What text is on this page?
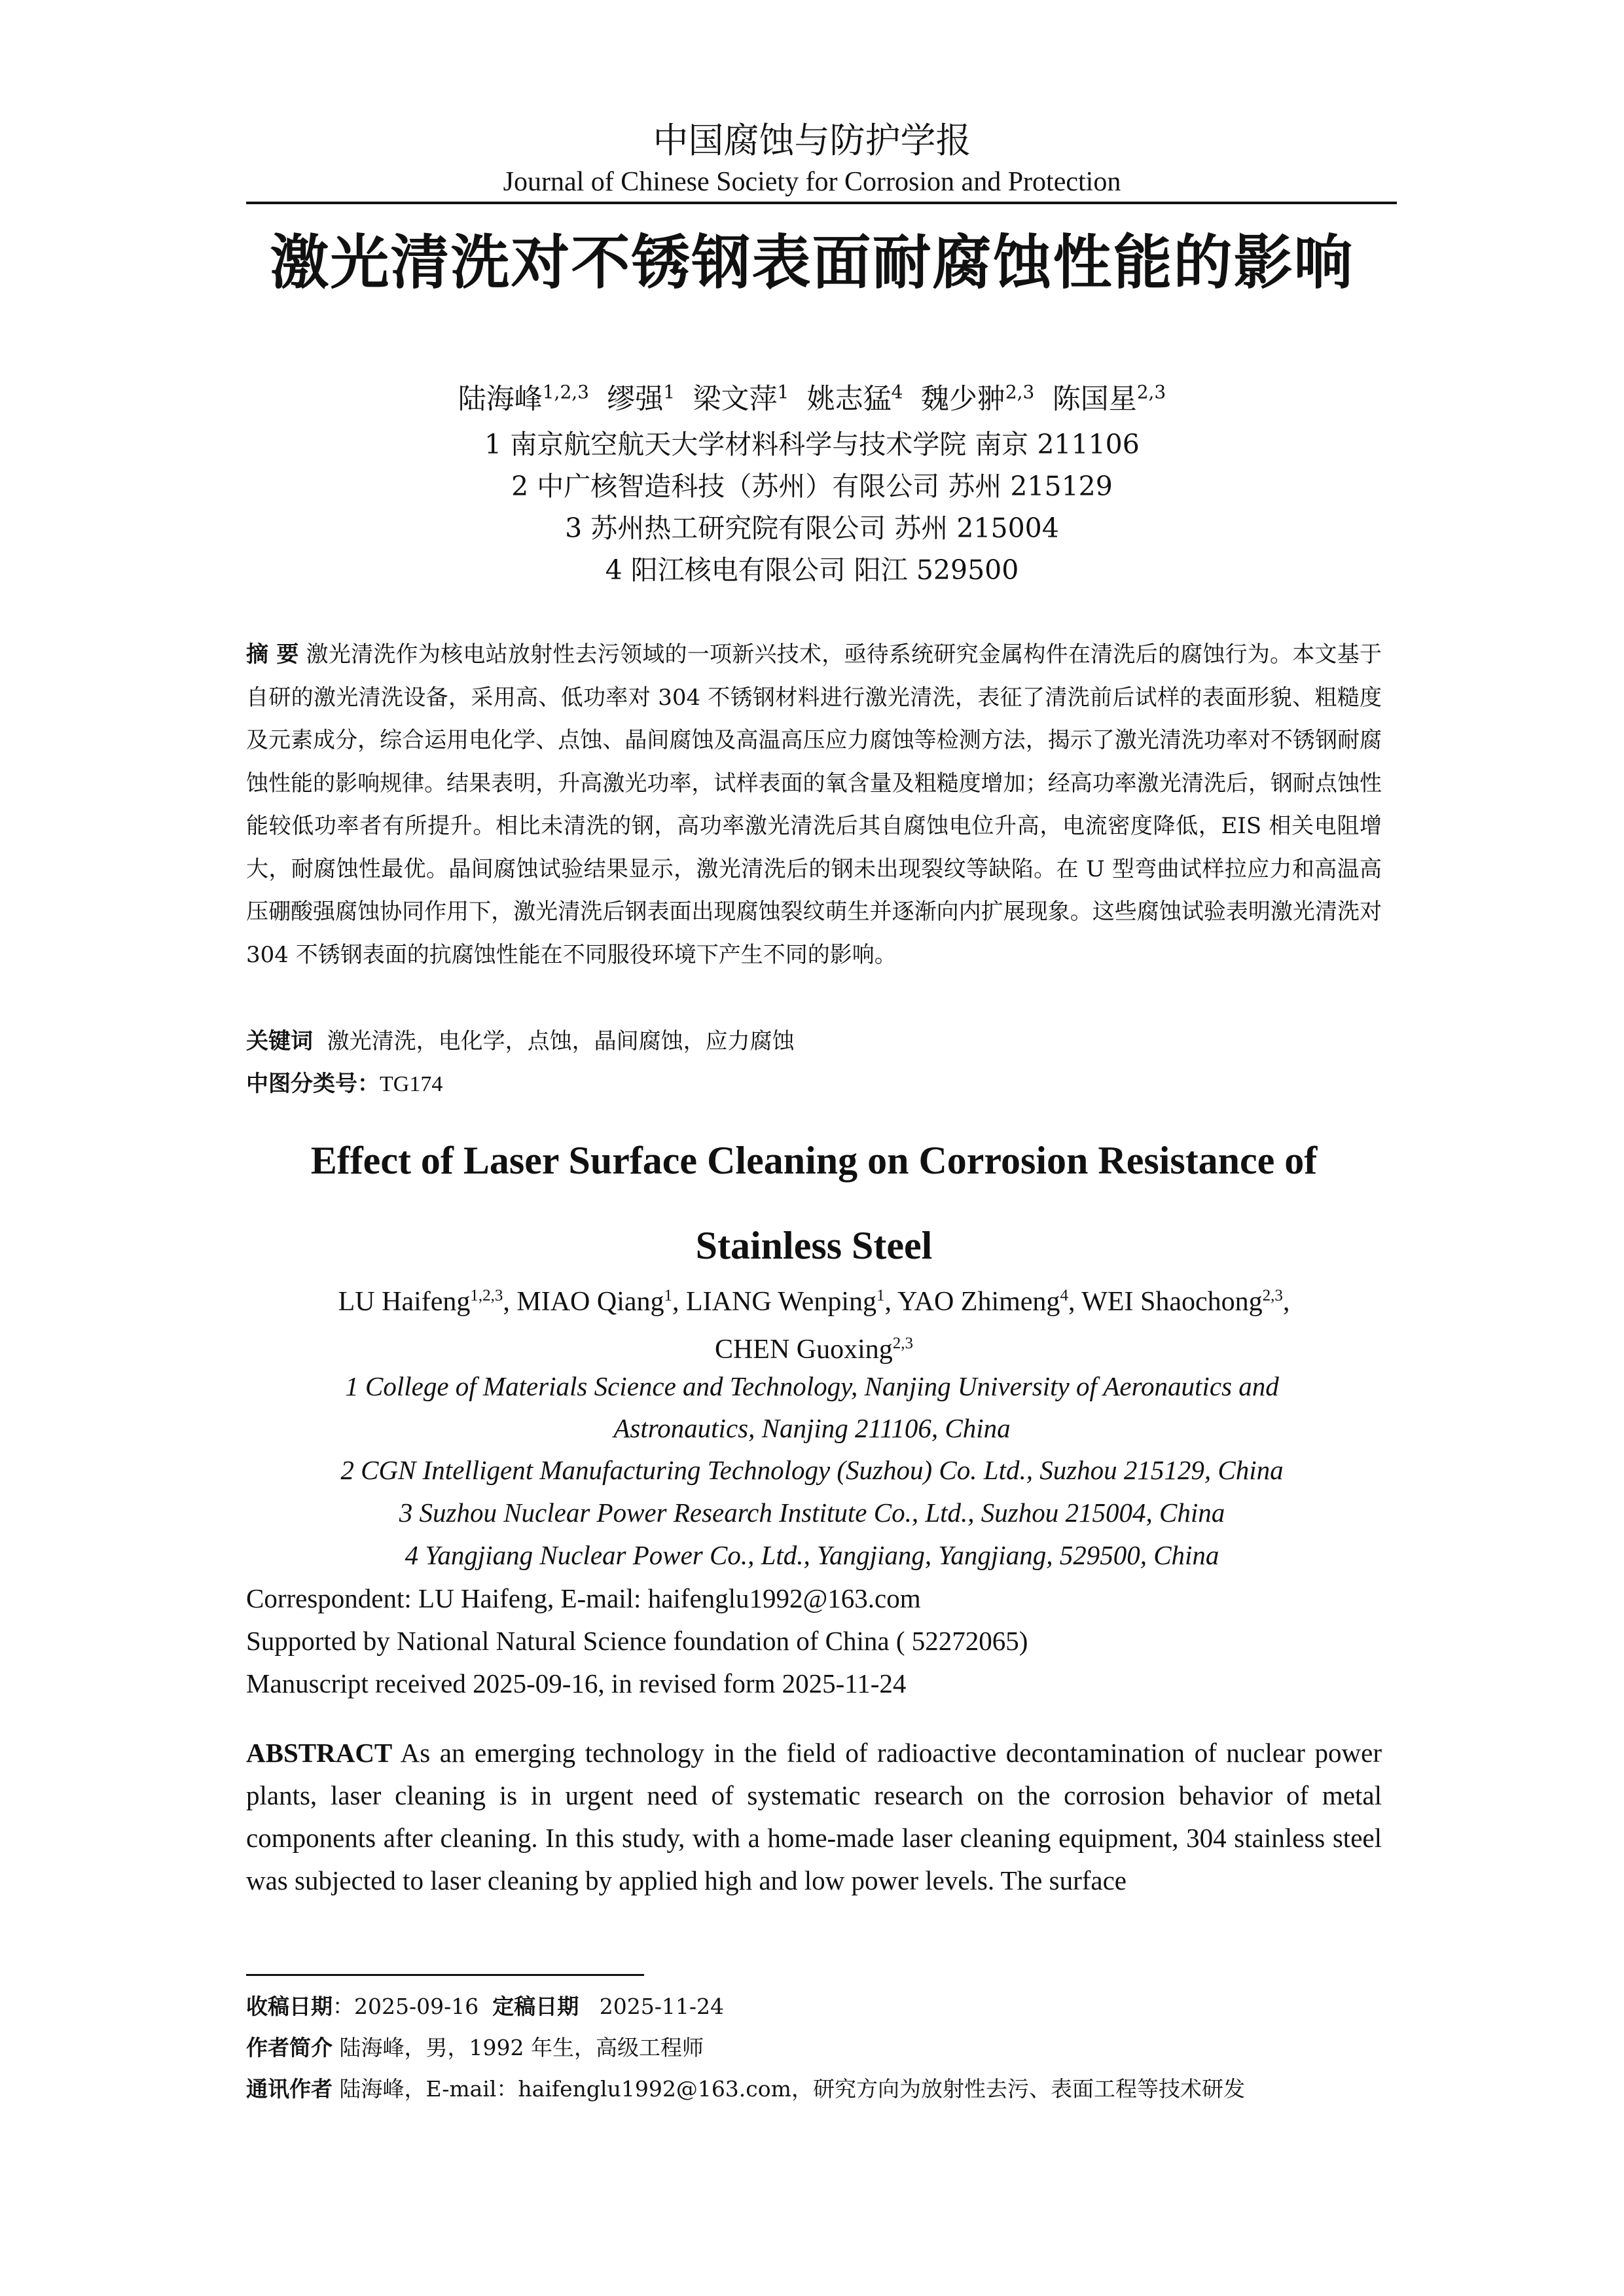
中国腐蚀与防护学报
Journal of Chinese Society for Corrosion and Protection
激光清洗对不锈钢表面耐腐蚀性能的影响
陆海峰$^{1,2,3}$ 缪强$^1$ 梁文萍$^1$ 姚志猛$^4$ 魏少翀$^{2,3}$ 陈国星$^{2,3}$
1 南京航空航天大学材料科学与技术学院 南京 211106
2 中广核智造科技（苏州）有限公司 苏州 215129
3 苏州热工研究院有限公司 苏州 215004
4 阳江核电有限公司 阳江 529500
摘 要 激光清洗作为核电站放射性去污领域的一项新兴技术，亟待系统研究金属构件在清洗后的腐蚀行为。本文基于自研的激光清洗设备，采用高、低功率对 304 不锈钢材料进行激光清洗，表征了清洗前后试样的表面形貌、粗糙度及元素成分，综合运用电化学、点蚀、晶间腐蚀及高温高压应力腐蚀等检测方法，揭示了激光清洗功率对不锈钢耐腐蚀性能的影响规律。结果表明，升高激光功率，试样表面的氧含量及粗糙度增加；经高功率激光清洗后，钢耐点蚀性能较低功率者有所提升。相比未清洗的钢，高功率激光清洗后其自腐蚀电位升高，电流密度降低，EIS 相关电阻增大，耐腐蚀性最优。晶间腐蚀试验结果显示，激光清洗后的钢未出现裂纹等缺陷。在 U 型弯曲试样拉应力和高温高压硼酸强腐蚀协同作用下，激光清洗后钢表面出现腐蚀裂纹萌生并逐渐向内扩展现象。这些腐蚀试验表明激光清洗对 304 不锈钢表面的抗腐蚀性能在不同服役环境下产生不同的影响。
关键词 激光清洗，电化学，点蚀，晶间腐蚀，应力腐蚀
中图分类号：TG174
Effect of Laser Surface Cleaning on Corrosion Resistance of Stainless Steel
LU Haifeng$^{1,2,3}$, MIAO Qiang$^1$, LIANG Wenping$^1$, YAO Zhimeng$^4$, WEI Shaochong$^{2,3}$,
CHEN Guoxing$^{2,3}$
1 College of Materials Science and Technology, Nanjing University of Aeronautics and
Astronautics, Nanjing 211106, China
2 CGN Intelligent Manufacturing Technology (Suzhou) Co. Ltd., Suzhou 215129, China
3 Suzhou Nuclear Power Research Institute Co., Ltd., Suzhou 215004, China
4 Yangjiang Nuclear Power Co., Ltd., Yangjiang, Yangjiang, 529500, China
Correspondent: LU Haifeng, E-mail: haifenglu1992@163.com
Supported by National Natural Science foundation of China ( 52272065)
Manuscript received 2025-09-16, in revised form 2025-11-24
ABSTRACT As an emerging technology in the field of radioactive decontamination of nuclear power plants, laser cleaning is in urgent need of systematic research on the corrosion behavior of metal components after cleaning. In this study, with a home-made laser cleaning equipment, 304 stainless steel was subjected to laser cleaning by applied high and low power levels. The surface
收稿日期：2025-09-16 定稿日期 2025-11-24
作者简介 陆海峰，男，1992 年生，高级工程师
通讯作者 陆海峰，E-mail：haifenglu1992@163.com，研究方向为放射性去污、表面工程等技术研发
